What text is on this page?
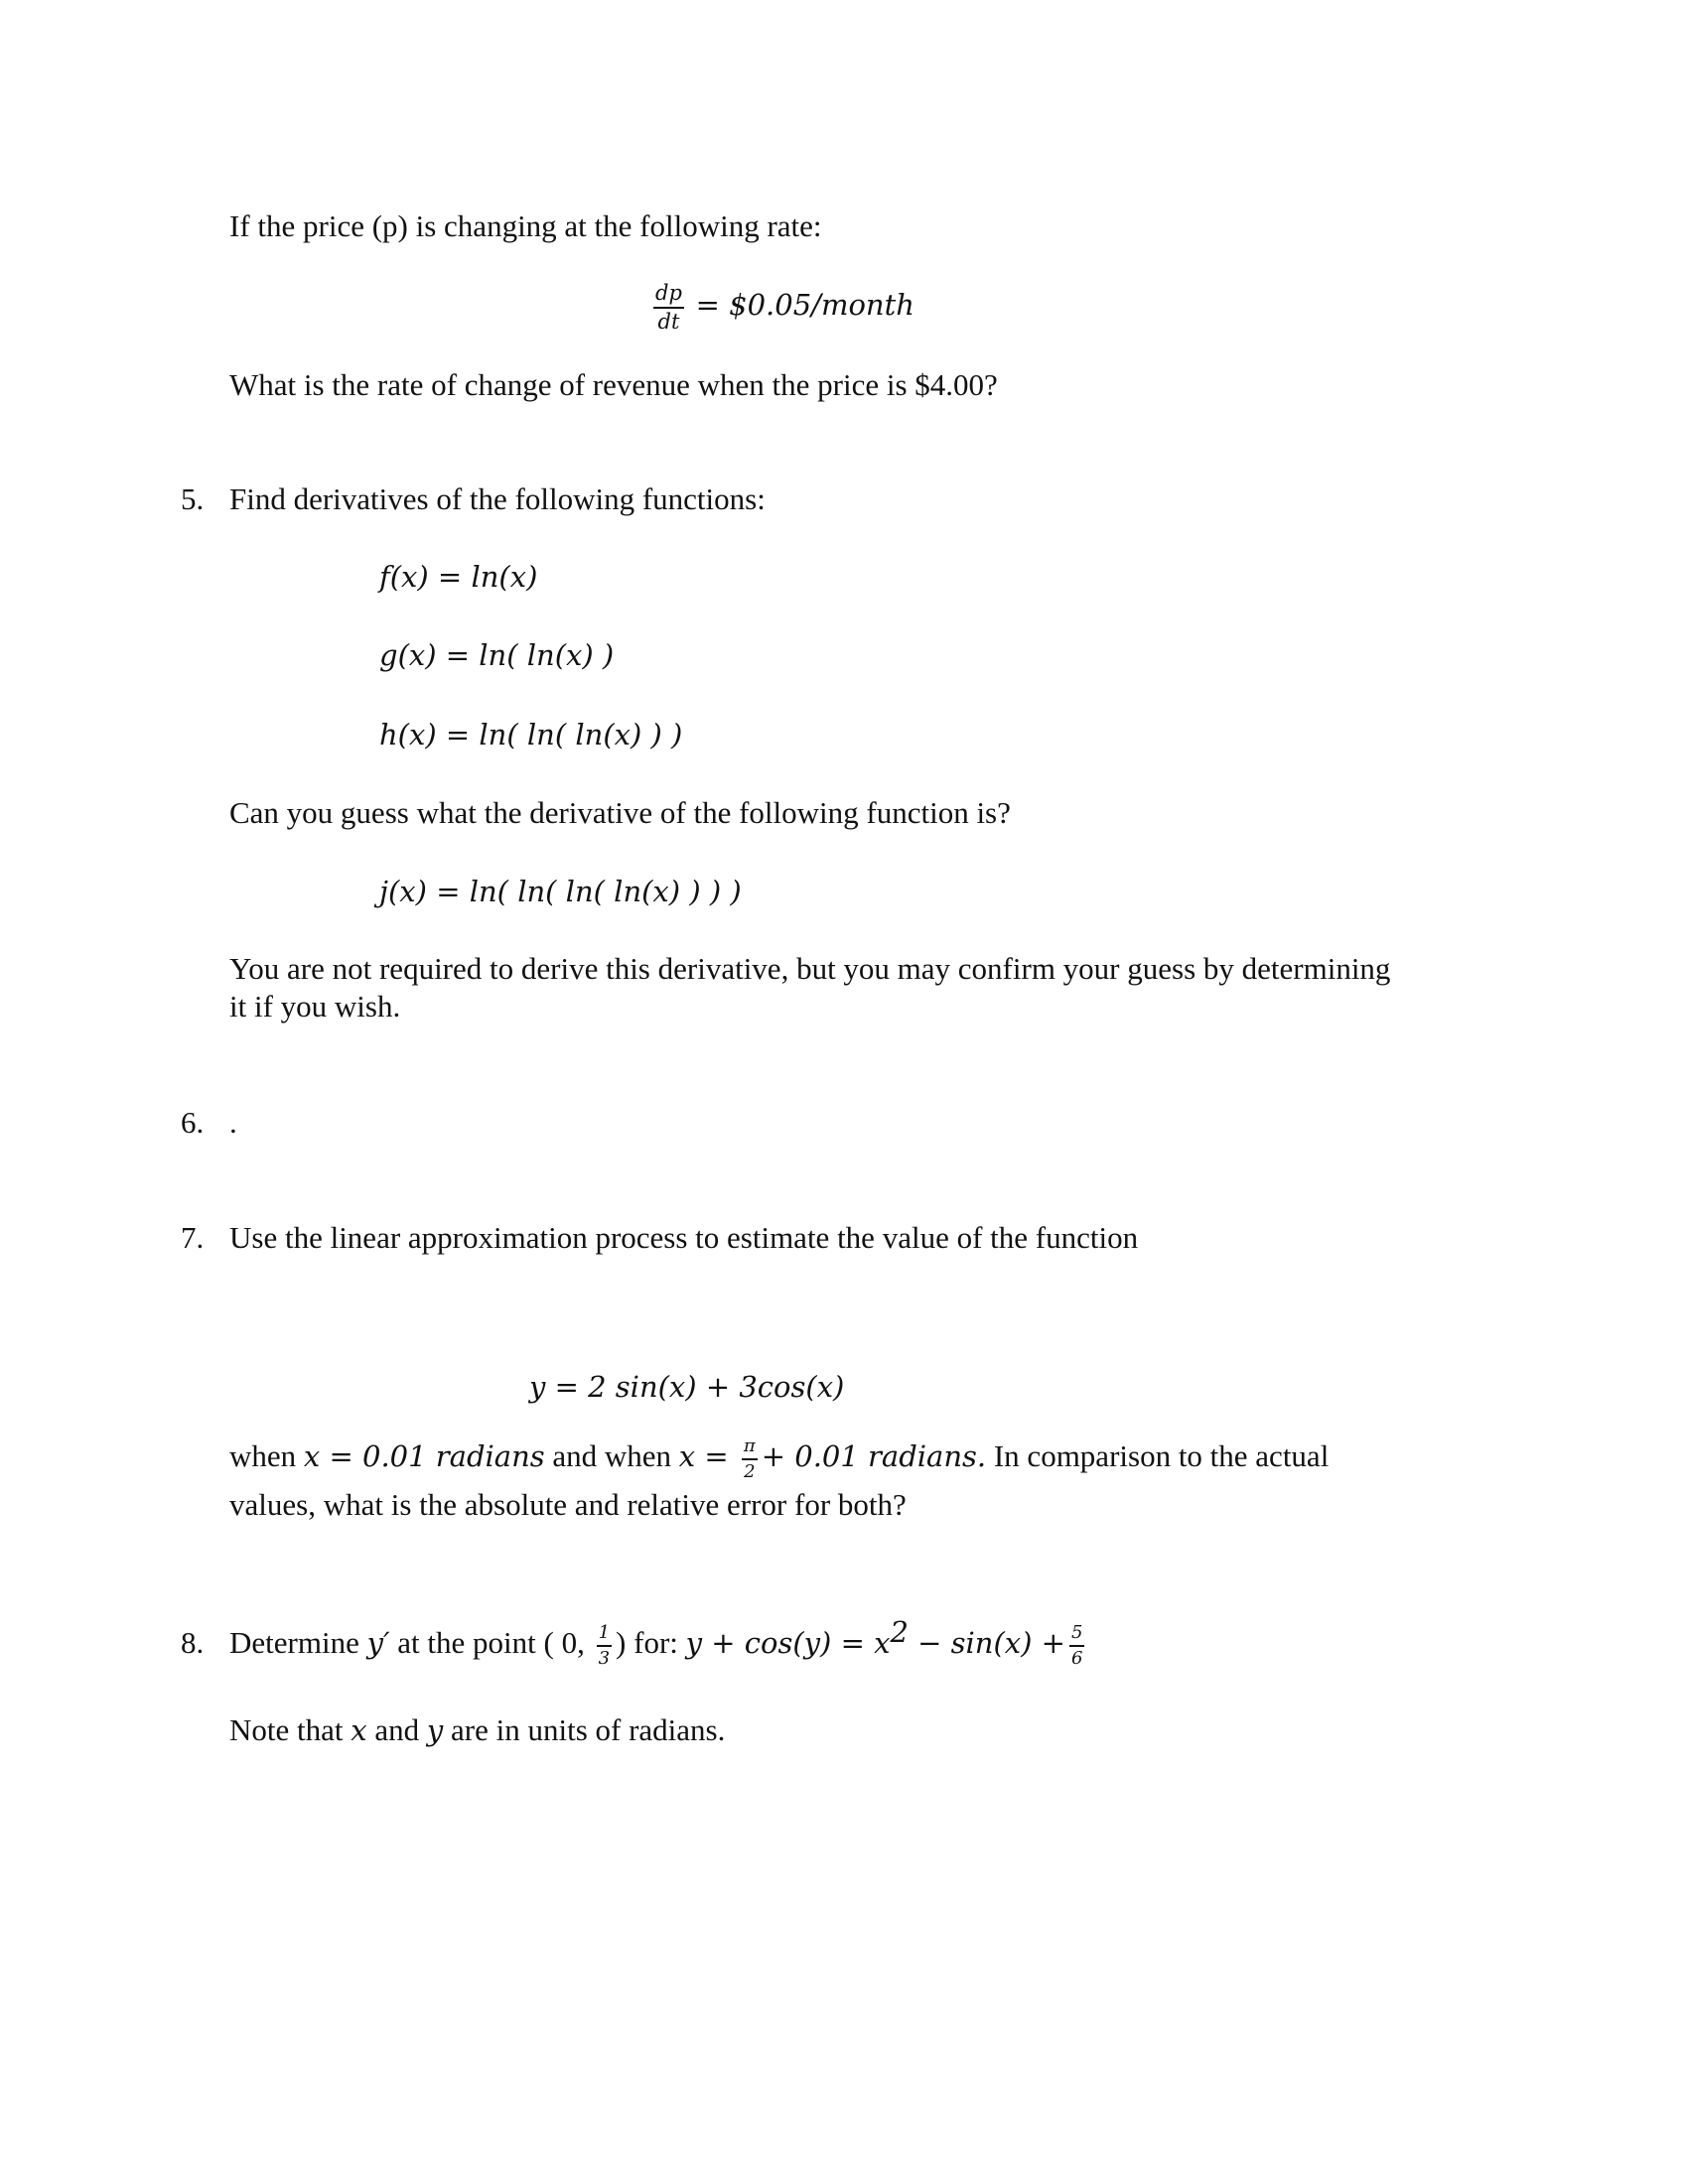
If the price (p) is changing at the following rate:
$\frac{dp}{dt}$ = $0.05/month
What is the rate of change of revenue when the price is $4.00?
5. Find derivatives of the following functions:
f(x) = ln(x)
g(x) = ln( ln(x) )
h(x) = ln( ln( ln(x) ) )
Can you guess what the derivative of the following function is?
j(x) = ln( ln( ln( ln(x) ) ) )
You are not required to derive this derivative, but you may confirm your guess by determining
it if you wish.
6. .
7. Use the linear approximation process to estimate the value of the function
y = 2 sin(x) + 3cos(x)
when x = 0.01 radians and when $x = \frac{\pi}{2} + 0.01$ radians. In comparison to the actual
values, what is the absolute and relative error for both?
8. Determine y′ at the point ( 0, $\frac{1}{3}$ ) for: $y + \cos(y) = x^2 - \sin(x) + \frac{5}{6}$
Note that x and y are in units of radians.
